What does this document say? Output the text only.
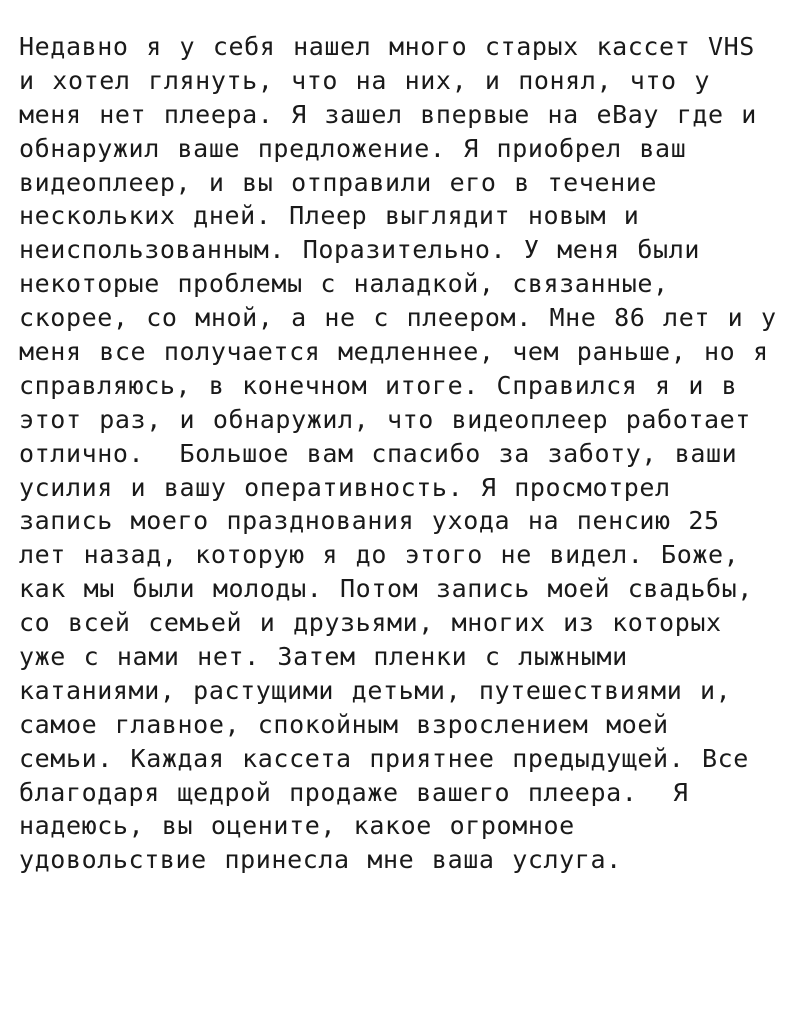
Недавно я у себя нашел много старых кассет VHS
и хотел глянуть, что на них, и понял, что у
меня нет плеера. Я зашел впервые на eBay где и
обнаружил ваше предложение. Я приобрел ваш
видеоплеер, и вы отправили его в течение
нескольких дней. Плеер выглядит новым и
неиспользованным. Поразительно. У меня были
некоторые проблемы с наладкой, связанные,
скорее, со мной, а не с плеером. Мне 86 лет и у
меня все получается медленнее, чем раньше, но я
справляюсь, в конечном итоге. Справился я и в
этот раз, и обнаружил, что видеоплеер работает
отлично.  Большое вам спасибо за заботу, ваши
усилия и вашу оперативность. Я просмотрел
запись моего празднования ухода на пенсию 25
лет назад, которую я до этого не видел. Боже,
как мы были молоды. Потом запись моей свадьбы,
со всей семьей и друзьями, многих из которых
уже с нами нет. Затем пленки с лыжными
катаниями, растущими детьми, путешествиями и,
самое главное, спокойным взрослением моей
семьи. Каждая кассета приятнее предыдущей. Все
благодаря щедрой продаже вашего плеера.  Я
надеюсь, вы оцените, какое огромное
удовольствие принесла мне ваша услуга.
